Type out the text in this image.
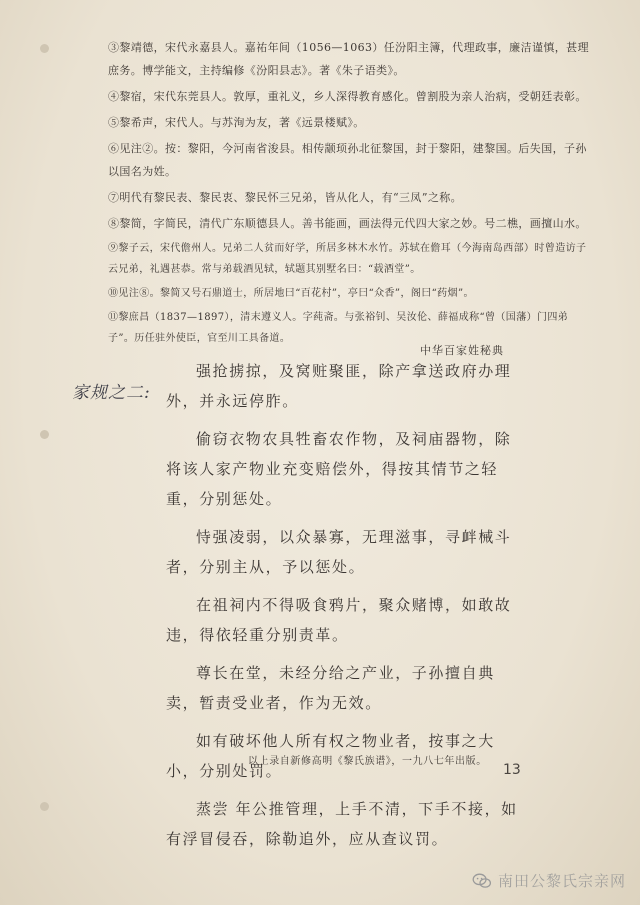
③黎靖德，宋代永嘉县人。嘉祐年间（1056—1063）任汾阳主簿，代理政事，廉洁谨慎，甚理庶务。博学能文，主持编修《汾阳县志》。著《朱子语类》。

④黎宿，宋代东莞县人。敦厚，重礼义，乡人深得教育感化。曾割股为亲人治病，受朝廷表彰。

⑤黎希声，宋代人。与苏洵为友，著《远景楼赋》。

⑥见注②。按：黎阳，今河南省浚县。相传颛顼孙北征黎国，封于黎阳，建黎国。后失国，子孙以国名为姓。

⑦明代有黎民表、黎民衷、黎民怀三兄弟，皆从化人，有“三凤”之称。

⑧黎简，字简民，清代广东顺德县人。善书能画，画法得元代四大家之妙。号二樵，画擅山水。

⑨黎子云，宋代儋州人。兄弟二人贫而好学，所居多林木水竹。苏轼在儋耳（今海南岛西部）时曾造访子云兄弟，礼遇甚恭。常与弟载酒见轼，轼题其别墅名曰：“载酒堂”。

⑩见注⑧。黎简又号石鼎道士，所居地曰“百花村”，亭曰“众香”，阁曰“药烟”。

⑪黎庶昌（1837—1897），清末遵义人。字莼斋。与张裕钊、吴汝伦、薛福成称“曾（国藩）门四弟子”。历任驻外使臣，官至川工具备道。

中华百家姓秘典
家规之二:

强抢掳掠，及窝赃聚匪，除产拿送政府办理外，并永远停胙。

偷窃衣物农具牲畜农作物，及祠庙器物，除将该人家产物业充变赔偿外，得按其情节之轻重，分别惩处。

恃强凌弱，以众暴寡，无理滋事，寻衅械斗者，分别主从，予以惩处。

在祖祠内不得吸食鸦片，聚众赌博，如敢故违，得依轻重分别责革。

尊长在堂，未经分给之产业，子孙擅自典卖，暂责受业者，作为无效。

如有破坏他人所有权之物业者，按事之大小，分别处罚。

蒸尝 年公推管理，上手不清，下手不接，如有浮冒侵吞，除勒追外，应从查议罚。

以上录自新修高明《黎氏族谱》，一九八七年出版。
13
南田公黎氏宗亲网
